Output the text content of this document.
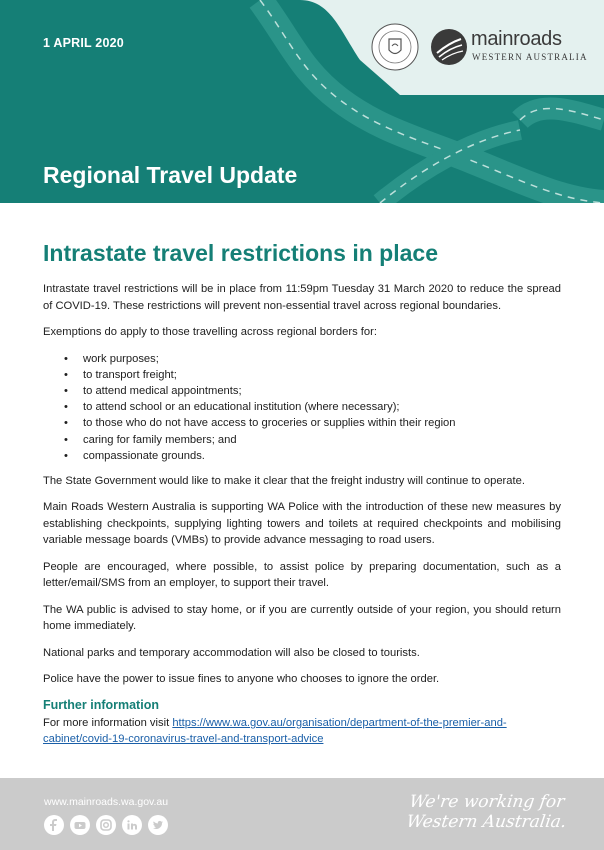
1 APRIL 2020
Regional Travel Update
mainroads
WESTERN AUSTRALIA
Intrastate travel restrictions in place

Intrastate travel restrictions will be in place from 11:59pm Tuesday 31 March 2020 to reduce the spread of COVID-19. These restrictions will prevent non-essential travel across regional boundaries.

Exemptions do apply to those travelling across regional borders for:

• work purposes;
• to transport freight;
• to attend medical appointments;
• to attend school or an educational institution (where necessary);
• to those who do not have access to groceries or supplies within their region
• caring for family members; and
• compassionate grounds.

The State Government would like to make it clear that the freight industry will continue to operate.

Main Roads Western Australia is supporting WA Police with the introduction of these new measures by establishing checkpoints, supplying lighting towers and toilets at required checkpoints and mobilising variable message boards (VMBs) to provide advance messaging to road users.

People are encouraged, where possible, to assist police by preparing documentation, such as a letter/email/SMS from an employer, to support their travel.

The WA public is advised to stay home, or if you are currently outside of your region, you should return home immediately.

National parks and temporary accommodation will also be closed to tourists.

Police have the power to issue fines to anyone who chooses to ignore the order.

Further information

For more information visit https://www.wa.gov.au/organisation/department-of-the-premier-and-cabinet/covid-19-coronavirus-travel-and-transport-advice

www.mainroads.wa.gov.au	We're working for Western Australia.
